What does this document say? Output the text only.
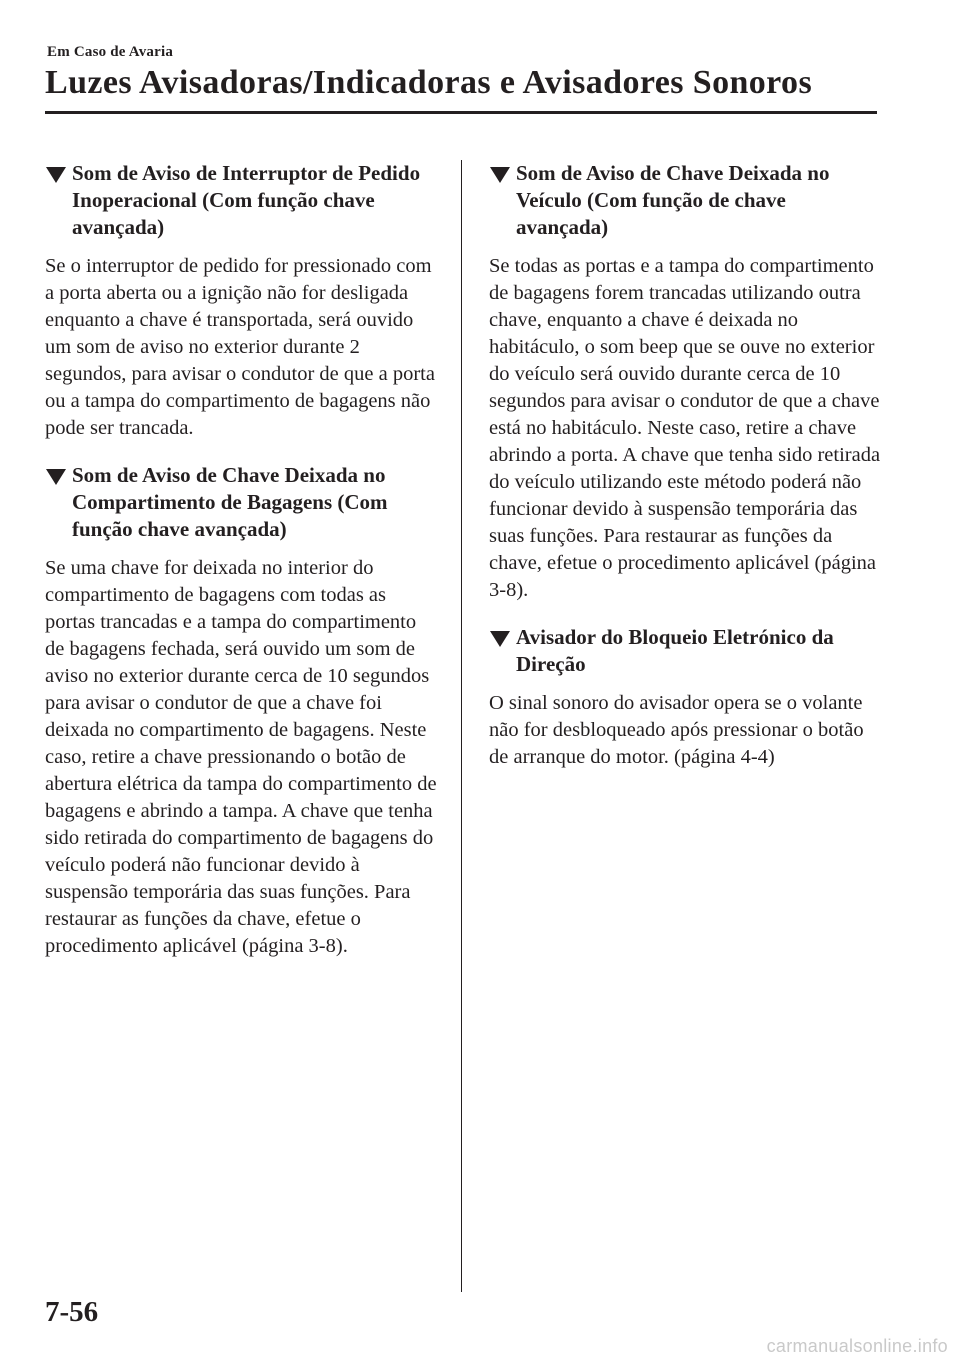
Em Caso de Avaria
Luzes Avisadoras/Indicadoras e Avisadores Sonoros
Som de Aviso de Interruptor de Pedido Inoperacional (Com função chave avançada)

Se o interruptor de pedido for pressionado com a porta aberta ou a ignição não for desligada enquanto a chave é transportada, será ouvido um som de aviso no exterior durante 2 segundos, para avisar o condutor de que a porta ou a tampa do compartimento de bagagens não pode ser trancada.

Som de Aviso de Chave Deixada no Compartimento de Bagagens (Com função chave avançada)

Se uma chave for deixada no interior do compartimento de bagagens com todas as portas trancadas e a tampa do compartimento de bagagens fechada, será ouvido um som de aviso no exterior durante cerca de 10 segundos para avisar o condutor de que a chave foi deixada no compartimento de bagagens. Neste caso, retire a chave pressionando o botão de abertura elétrica da tampa do compartimento de bagagens e abrindo a tampa. A chave que tenha sido retirada do compartimento de bagagens do veículo poderá não funcionar devido à suspensão temporária das suas funções. Para restaurar as funções da chave, efetue o procedimento aplicável (página 3-8).

Som de Aviso de Chave Deixada no Veículo (Com função de chave avançada)

Se todas as portas e a tampa do compartimento de bagagens forem trancadas utilizando outra chave, enquanto a chave é deixada no habitáculo, o som beep que se ouve no exterior do veículo será ouvido durante cerca de 10 segundos para avisar o condutor de que a chave está no habitáculo. Neste caso, retire a chave abrindo a porta. A chave que tenha sido retirada do veículo utilizando este método poderá não funcionar devido à suspensão temporária das suas funções. Para restaurar as funções da chave, efetue o procedimento aplicável (página 3-8).

Avisador do Bloqueio Eletrónico da Direção

O sinal sonoro do avisador opera se o volante não for desbloqueado após pressionar o botão de arranque do motor. (página 4-4)

7-56
carmanualsonline.info
